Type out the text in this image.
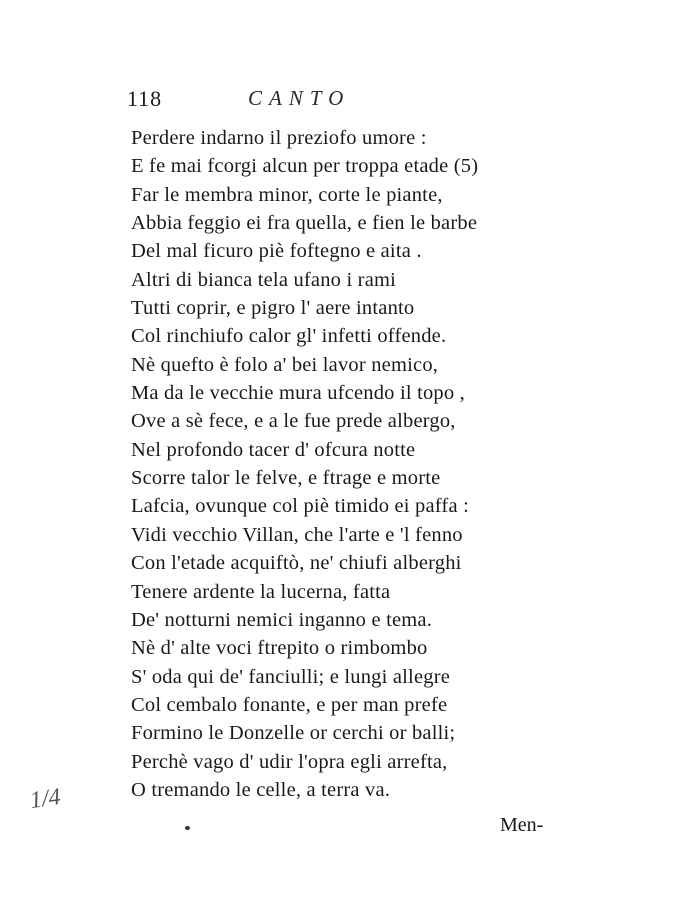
118	CANTO
Perdere indarno il preziofo umore :
E fe mai fcorgi alcun per troppa etade (5)
Far le membra minor, corte le piante,
Abbia feggio ei fra quella, e fien le barbe
Del mal ficuro piè foftegno e aita .
Altri di bianca tela ufano i rami
Tutti coprir, e pigro l' aere intanto
Col rinchiufo calor gl' infetti offende.
Nè quefto è folo a' bei lavor nemico,
Ma da le vecchie mura ufcendo il topo ,
Ove a sè fece, e a le fue prede albergo,
Nel profondo tacer d' ofcura notte
Scorre talor le felve, e ftrage e morte
Lafcia, ovunque col piè timido ei paffa :
Vidi vecchio Villan, che l'arte e 'l fenno
Con l'etade acquiftò, ne' chiufi alberghi
Tenere ardente la lucerna, fatta
De' notturni nemici inganno e tema.
Nè d' alte voci ftrepito o rimbombo
S' oda qui de' fanciulli; e lungi allegre
Col cembalo fonante, e per man prefe
Formino le Donzelle or cerchi or balli;
Perchè vago d' udir l'opra egli arrefta,
O tremando le celle, a terra va.
1/4
Men-
